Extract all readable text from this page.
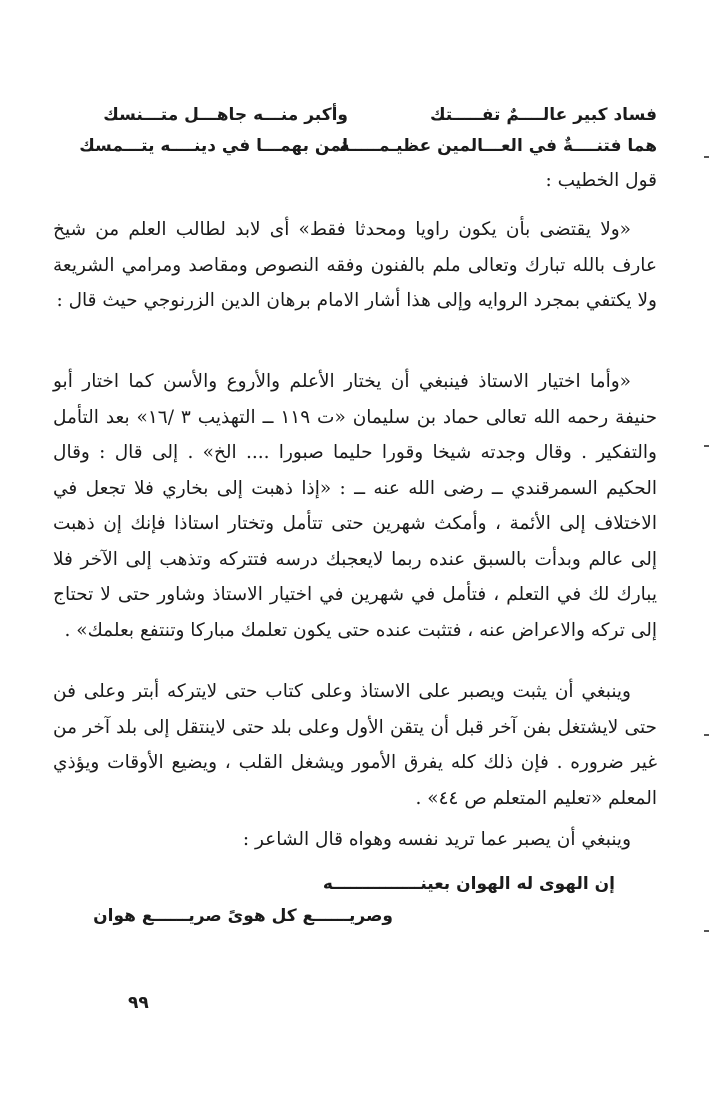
فساد كبير عالــــمٌ تفـــــتك
وأكبر منـــه جاهـــل متـــنسك
هما فتنــــةٌ في العـــالمين عظيـمـــــة
لمن بهمـــا في دينــــه يتـــمسك

قول الخطيب :

«ولا يقتضى بأن يكون راويا ومحدثا فقط» أى لابد لطالب العلم من شيخ عارف بالله تبارك وتعالى ملم بالفنون وفقه النصوص ومقاصد ومرامي الشريعة ولا يكتفي بمجرد الروايه وإلى هذا أشار الامام برهان الدين الزرنوجي حيث قال :

«وأما اختيار الاستاذ فينبغي أن يختار الأعلم والأروع والأسن كما اختار أبو حنيفة رحمه الله تعالى حماد بن سليمان «ت ١١٩ ــ التهذيب ٣ /١٦» بعد التأمل والتفكير . وقال وجدته شيخا وقورا حليما صبورا .... الخ» . إلى قال : وقال الحكيم السمرقندي ــ رضى الله عنه ــ : «إذا ذهبت إلى بخاري فلا تجعل في الاختلاف إلى الأئمة ، وأمكث شهرين حتى تتأمل وتختار استاذا فإنك إن ذهبت إلى عالم وبدأت بالسبق عنده ربما لايعجبك درسه فتتركه وتذهب إلى الآخر فلا يبارك لك في التعلم ، فتأمل في شهرين في اختيار الاستاذ وشاور حتى لا تحتاج إلى تركه والاعراض عنه ، فتثبت عنده حتى يكون تعلمك مباركا وتنتفع بعلمك» .

وينبغي أن يثبت ويصبر على الاستاذ وعلى كتاب حتى لايتركه أبتر وعلى فن حتى لايشتغل بفن آخر قبل أن يتقن الأول وعلى بلد حتى لاينتقل إلى بلد آخر من غير ضروره . فإن ذلك كله يفرق الأمور ويشغل القلب ، ويضيع الأوقات ويؤذي المعلم «تعليم المتعلم ص ٤٤» .

وينبغي أن يصبر عما تريد نفسه وهواه قال الشاعر :

إن الهوى له الهوان بعينـــــــــــــــه
وصريــــــع كل هوىً صريــــــع هوان
٩٩
